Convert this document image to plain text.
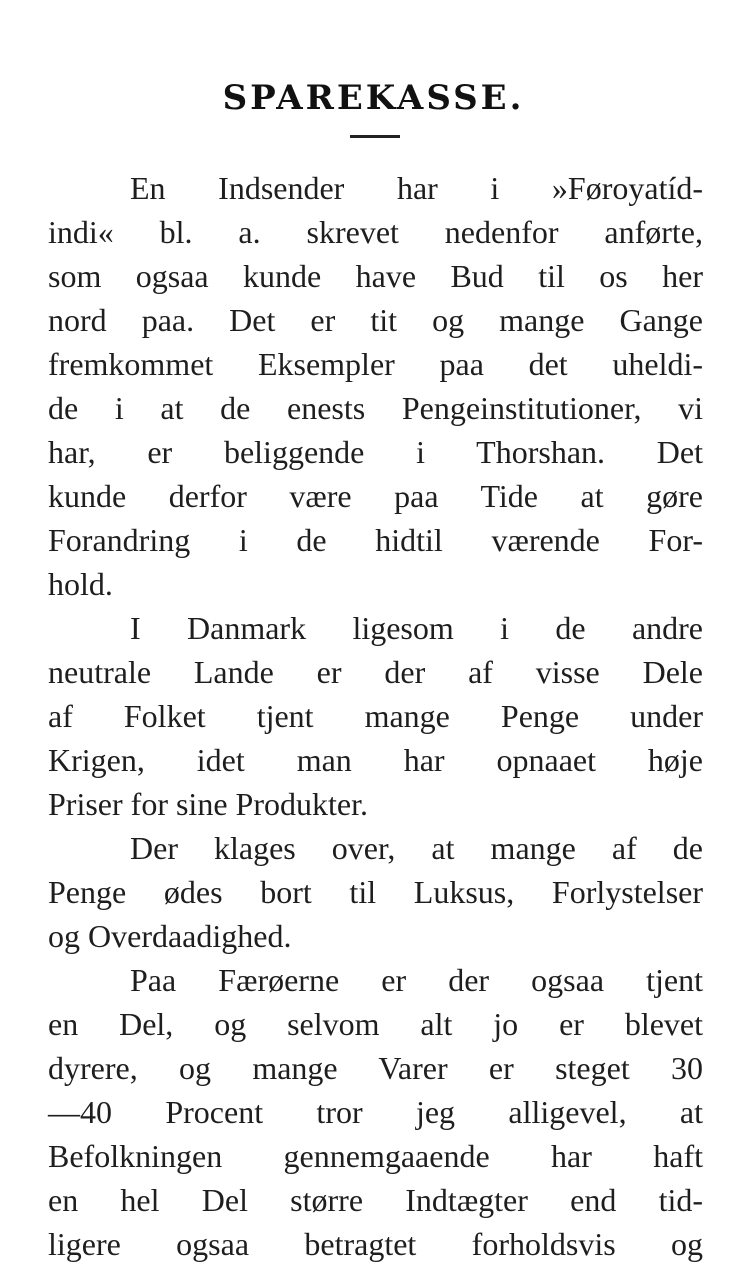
SPAREKASSE.
En Indsender har i »Føroyatíd-
indi« bl. a. skrevet nedenfor anførte,
som ogsaa kunde have Bud til os her
nord paa. Det er tit og mange Gange
fremkommet Eksempler paa det uheldi-
de i at de enests Pengeinstitutioner, vi
har, er beliggende i Thorshan. Det
kunde derfor være paa Tide at gøre
Forandring i de hidtil værende For-
hold.
I Danmark ligesom i de andre
neutrale Lande er der af visse Dele
af Folket tjent mange Penge under
Krigen, idet man har opnaaet høje
Priser for sine Produkter.
Der klages over, at mange af de
Penge ødes bort til Luksus, Forlystelser
og Overdaadighed.
Paa Færøerne er der ogsaa tjent
en Del, og selvom alt jo er blevet
dyrere, og mange Varer er steget 30
—40 Procent tror jeg alligevel, at
Befolkningen gennemgaaende har haft
en hel Del større Indtægter end tid-
ligere ogsaa betragtet forholdsvis og
